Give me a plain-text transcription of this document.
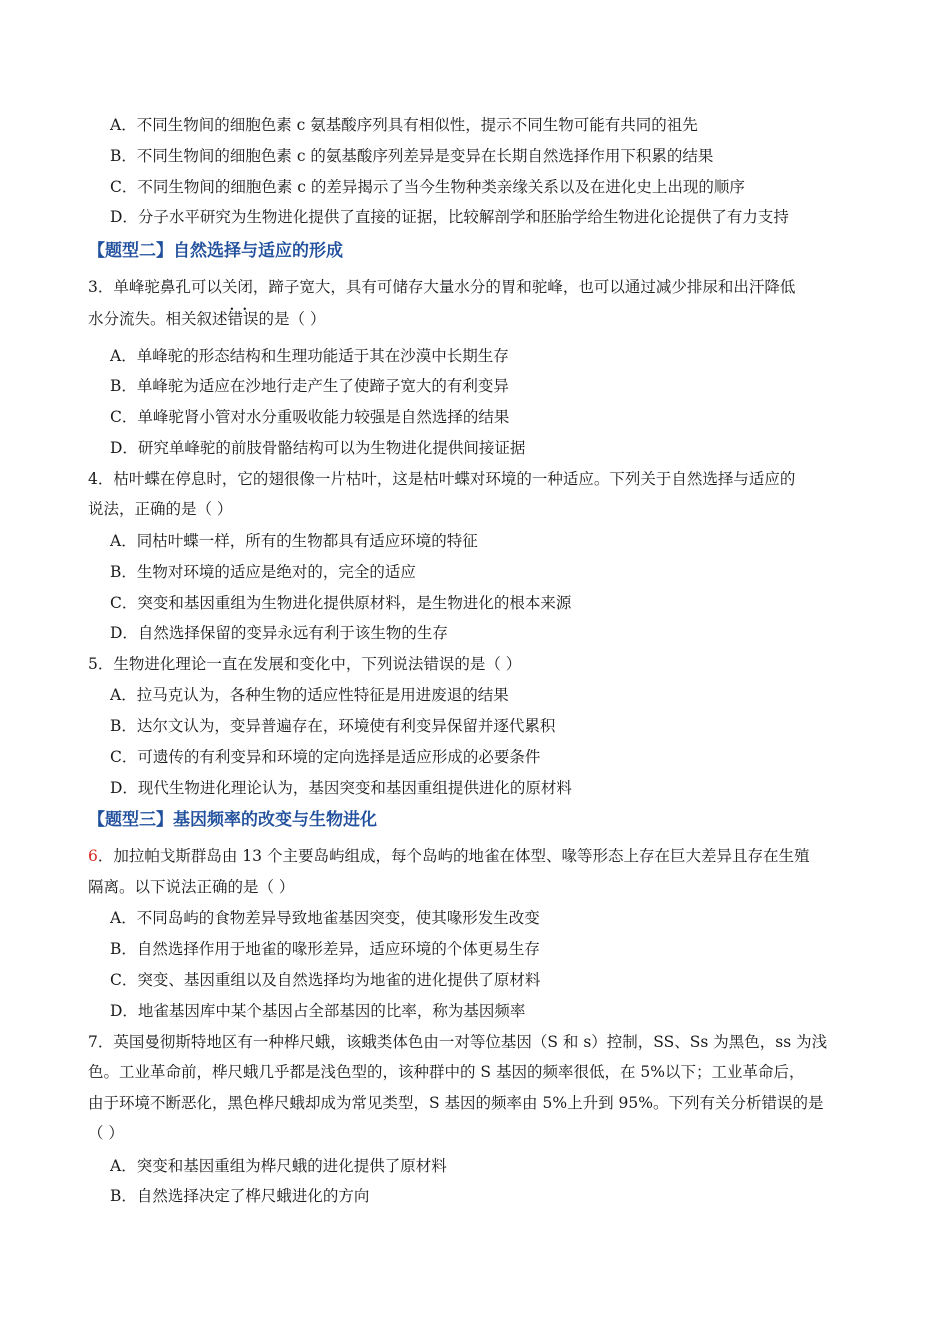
A．不同生物间的细胞色素 c 氨基酸序列具有相似性，提示不同生物可能有共同的祖先
B．不同生物间的细胞色素 c 的氨基酸序列差异是变异在长期自然选择作用下积累的结果
C．不同生物间的细胞色素 c 的差异揭示了当今生物种类亲缘关系以及在进化史上出现的顺序
D．分子水平研究为生物进化提供了直接的证据，比较解剖学和胚胎学给生物进化论提供了有力支持
【题型二】自然选择与适应的形成
3．单峰驼鼻孔可以关闭，蹄子宽大，具有可储存大量水分的胃和驼峰，也可以通过减少排尿和出汗降低
水分流失。相关叙述•  • 错误的是（ ）
A．单峰驼的形态结构和生理功能适于其在沙漠中长期生存
B．单峰驼为适应在沙地行走产生了使蹄子宽大的有利变异
C．单峰驼肾小管对水分重吸收能力较强是自然选择的结果
D．研究单峰驼的前肢骨骼结构可以为生物进化提供间接证据
4．枯叶蝶在停息时，它的翅很像一片枯叶，这是枯叶蝶对环境的一种适应。下列关于自然选择与适应的
说法，正确的是（ ）
A．同枯叶蝶一样，所有的生物都具有适应环境的特征
B．生物对环境的适应是绝对的，完全的适应
C．突变和基因重组为生物进化提供原材料，是生物进化的根本来源
D．自然选择保留的变异永远有利于该生物的生存
5．生物进化理论一直在发展和变化中，下列说法错误的是（ ）
A．拉马克认为，各种生物的适应性特征是用进废退的结果
B．达尔文认为，变异普遍存在，环境使有利变异保留并逐代累积
C．可遗传的有利变异和环境的定向选择是适应形成的必要条件
D．现代生物进化理论认为，基因突变和基因重组提供进化的原材料
【题型三】基因频率的改变与生物进化
6．加拉帕戈斯群岛由 13 个主要岛屿组成，每个岛屿的地雀在体型、喙等形态上存在巨大差异且存在生殖
隔离。以下说法正确的是（ ）
A．不同岛屿的食物差异导致地雀基因突变，使其喙形发生改变
B．自然选择作用于地雀的喙形差异，适应环境的个体更易生存
C．突变、基因重组以及自然选择均为地雀的进化提供了原材料
D．地雀基因库中某个基因占全部基因的比率，称为基因频率
7．英国曼彻斯特地区有一种桦尺蛾，该蛾类体色由一对等位基因（S 和 s）控制，SS、Ss 为黑色，ss 为浅
色。工业革命前，桦尺蛾几乎都是浅色型的，该种群中的 S 基因的频率很低，在 5%以下；工业革命后，
由于环境不断恶化，黑色桦尺蛾却成为常见类型，S 基因的频率由 5%上升到 95%。下列有关分析错误的是
（ ）
A．突变和基因重组为桦尺蛾的进化提供了原材料
B．自然选择决定了桦尺蛾进化的方向
